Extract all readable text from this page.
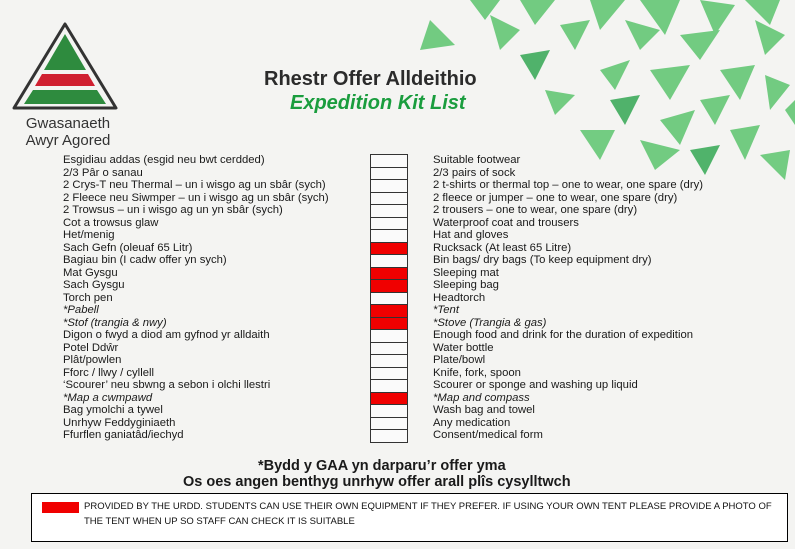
Gwasanaeth
Awyr Agored
Rhestr Offer Alldeithio
Expedition Kit List
Esgidiau addas (esgid neu bwt cerdded)
2/3 Pâr o sanau
2 Crys-T neu Thermal – un i wisgo ag un sbâr (sych)
2 Fleece neu Siwmper – un i wisgo ag un sbâr (sych)
2 Trowsus – un i wisgo ag un yn sbâr (sych)
Cot a trowsus glaw
Het/menig
Sach Gefn (oleuaf 65 Litr)
Bagiau bin (I cadw offer yn sych)
Mat Gysgu
Sach Gysgu
Torch pen
*Pabell
*Stof (trangia & nwy)
Digon o fwyd a diod am gyfnod yr alldaith
Potel Ddŵr
Plât/powlen
Fforc / llwy / cyllell
‘Scourer’ neu sbwng a sebon i olchi llestri
*Map a cwmpawd
Bag ymolchi a tywel
Unrhyw Feddyginiaeth
Ffurflen ganiatâd/iechyd
Suitable footwear
2/3 pairs of sock
2 t-shirts or thermal top – one to wear, one spare (dry)
2 fleece or jumper – one to wear, one spare (dry)
2 trousers – one to wear, one spare (dry)
Waterproof coat and trousers
Hat and gloves
Rucksack (At least 65 Litre)
Bin bags/ dry bags (To keep equipment dry)
Sleeping mat
Sleeping bag
Headtorch
*Tent
*Stove (Trangia & gas)
Enough food and drink for the duration of expedition
Water bottle
Plate/bowl
Knife, fork, spoon
Scourer or sponge and washing up liquid
*Map and compass
Wash bag and towel
Any medication
Consent/medical form
*Bydd y GAA yn darparu’r offer yma
Os oes angen benthyg unrhyw offer arall plîs cysylltwch
PROVIDED BY THE URDD. STUDENTS CAN USE THEIR OWN EQUIPMENT IF THEY PREFER. IF USING YOUR OWN TENT PLEASE PROVIDE A PHOTO OF THE TENT WHEN UP SO STAFF CAN CHECK IT IS SUITABLE
